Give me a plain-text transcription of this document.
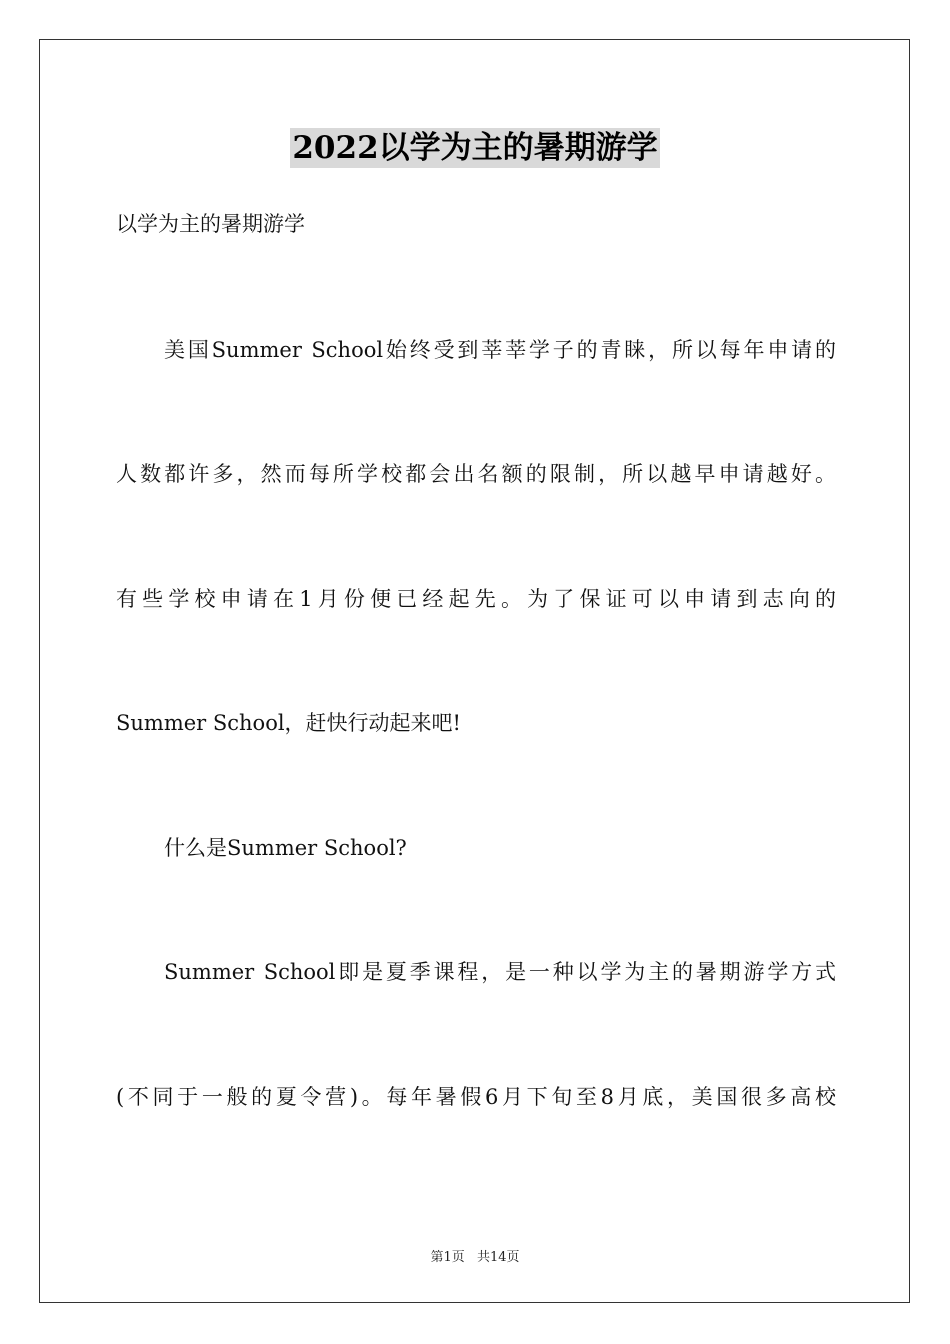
2022以学为主的暑期游学
以学为主的暑期游学
美国Summer School始终受到莘莘学子的青睐，所以每年申请的
人数都许多，然而每所学校都会出名额的限制，所以越早申请越好。
有些学校申请在1月份便已经起先。为了保证可以申请到志向的
Summer School，赶快行动起来吧!
什么是Summer School?
Summer School即是夏季课程，是一种以学为主的暑期游学方式
(不同于一般的夏令营)。每年暑假6月下旬至8月底，美国很多高校
第1页 共14页
